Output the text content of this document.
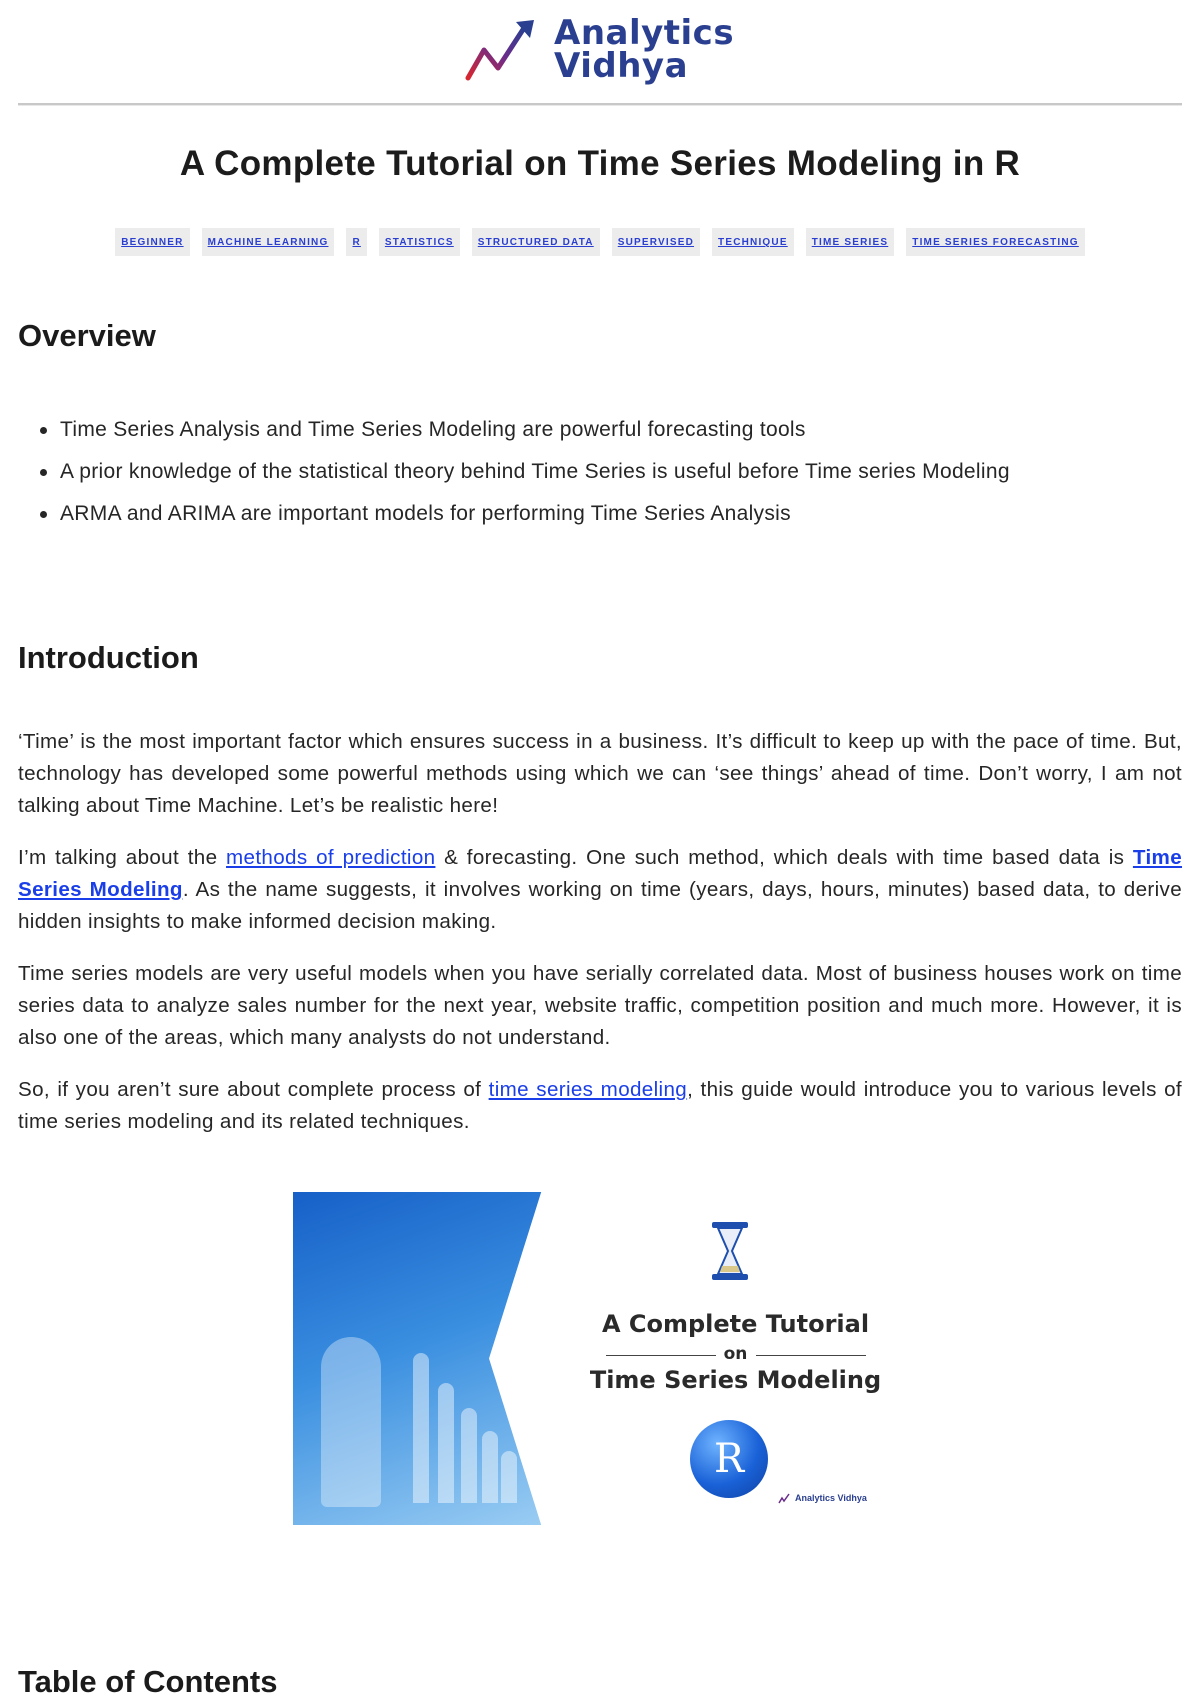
Analytics
Vidhya
A Complete Tutorial on Time Series Modeling in R
BEGINNER	MACHINE LEARNING	R	STATISTICS	STRUCTURED DATA	SUPERVISED	TECHNIQUE	TIME SERIES	TIME SERIES FORECASTING
Overview
Time Series Analysis and Time Series Modeling are powerful forecasting tools
A prior knowledge of the statistical theory behind Time Series is useful before Time series Modeling
ARMA and ARIMA are important models for performing Time Series Analysis
Introduction

‘Time’ is the most important factor which ensures success in a business. It’s difficult to keep up with the pace of time. But, technology has developed some powerful methods using which we can ‘see things’ ahead of time. Don’t worry, I am not talking about Time Machine. Let’s be realistic here!

I’m talking about the methods of prediction & forecasting. One such method, which deals with time based data is Time Series Modeling. As the name suggests, it involves working on time (years, days, hours, minutes) based data, to derive hidden insights to make informed decision making.

Time series models are very useful models when you have serially correlated data. Most of business houses work on time series data to analyze sales number for the next year, website traffic, competition position and much more. However, it is also one of the areas, which many analysts do not understand.

So, if you aren’t sure about complete process of time series modeling, this guide would introduce you to various levels of time series modeling and its related techniques.

A Complete Tutorial
on
Time Series Modeling
R
Analytics Vidhya
Table of Contents
